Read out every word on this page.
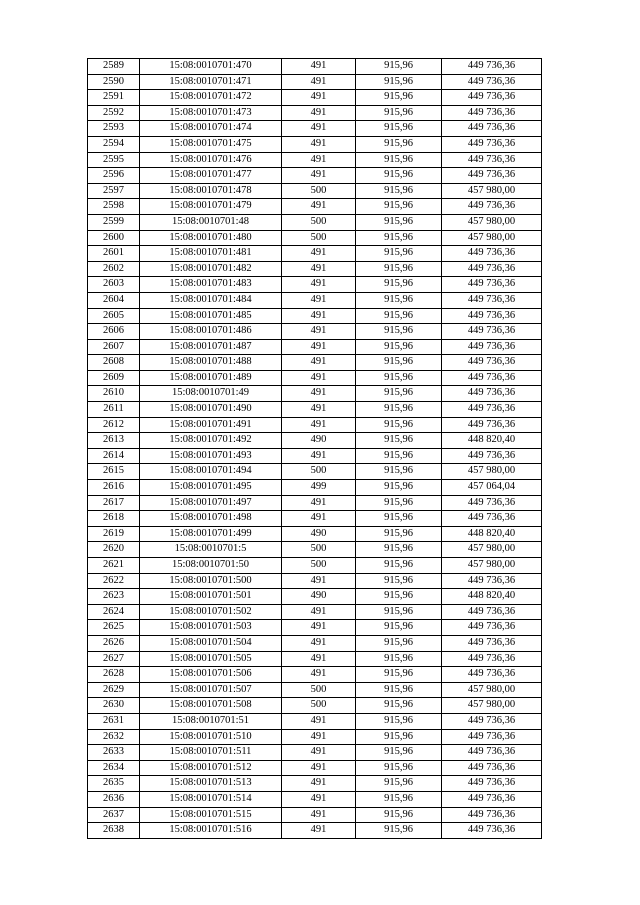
2589	15:08:0010701:470	491	915,96	449 736,36
2590	15:08:0010701:471	491	915,96	449 736,36
2591	15:08:0010701:472	491	915,96	449 736,36
2592	15:08:0010701:473	491	915,96	449 736,36
2593	15:08:0010701:474	491	915,96	449 736,36
2594	15:08:0010701:475	491	915,96	449 736,36
2595	15:08:0010701:476	491	915,96	449 736,36
2596	15:08:0010701:477	491	915,96	449 736,36
2597	15:08:0010701:478	500	915,96	457 980,00
2598	15:08:0010701:479	491	915,96	449 736,36
2599	15:08:0010701:48	500	915,96	457 980,00
2600	15:08:0010701:480	500	915,96	457 980,00
2601	15:08:0010701:481	491	915,96	449 736,36
2602	15:08:0010701:482	491	915,96	449 736,36
2603	15:08:0010701:483	491	915,96	449 736,36
2604	15:08:0010701:484	491	915,96	449 736,36
2605	15:08:0010701:485	491	915,96	449 736,36
2606	15:08:0010701:486	491	915,96	449 736,36
2607	15:08:0010701:487	491	915,96	449 736,36
2608	15:08:0010701:488	491	915,96	449 736,36
2609	15:08:0010701:489	491	915,96	449 736,36
2610	15:08:0010701:49	491	915,96	449 736,36
2611	15:08:0010701:490	491	915,96	449 736,36
2612	15:08:0010701:491	491	915,96	449 736,36
2613	15:08:0010701:492	490	915,96	448 820,40
2614	15:08:0010701:493	491	915,96	449 736,36
2615	15:08:0010701:494	500	915,96	457 980,00
2616	15:08:0010701:495	499	915,96	457 064,04
2617	15:08:0010701:497	491	915,96	449 736,36
2618	15:08:0010701:498	491	915,96	449 736,36
2619	15:08:0010701:499	490	915,96	448 820,40
2620	15:08:0010701:5	500	915,96	457 980,00
2621	15:08:0010701:50	500	915,96	457 980,00
2622	15:08:0010701:500	491	915,96	449 736,36
2623	15:08:0010701:501	490	915,96	448 820,40
2624	15:08:0010701:502	491	915,96	449 736,36
2625	15:08:0010701:503	491	915,96	449 736,36
2626	15:08:0010701:504	491	915,96	449 736,36
2627	15:08:0010701:505	491	915,96	449 736,36
2628	15:08:0010701:506	491	915,96	449 736,36
2629	15:08:0010701:507	500	915,96	457 980,00
2630	15:08:0010701:508	500	915,96	457 980,00
2631	15:08:0010701:51	491	915,96	449 736,36
2632	15:08:0010701:510	491	915,96	449 736,36
2633	15:08:0010701:511	491	915,96	449 736,36
2634	15:08:0010701:512	491	915,96	449 736,36
2635	15:08:0010701:513	491	915,96	449 736,36
2636	15:08:0010701:514	491	915,96	449 736,36
2637	15:08:0010701:515	491	915,96	449 736,36
2638	15:08:0010701:516	491	915,96	449 736,36
